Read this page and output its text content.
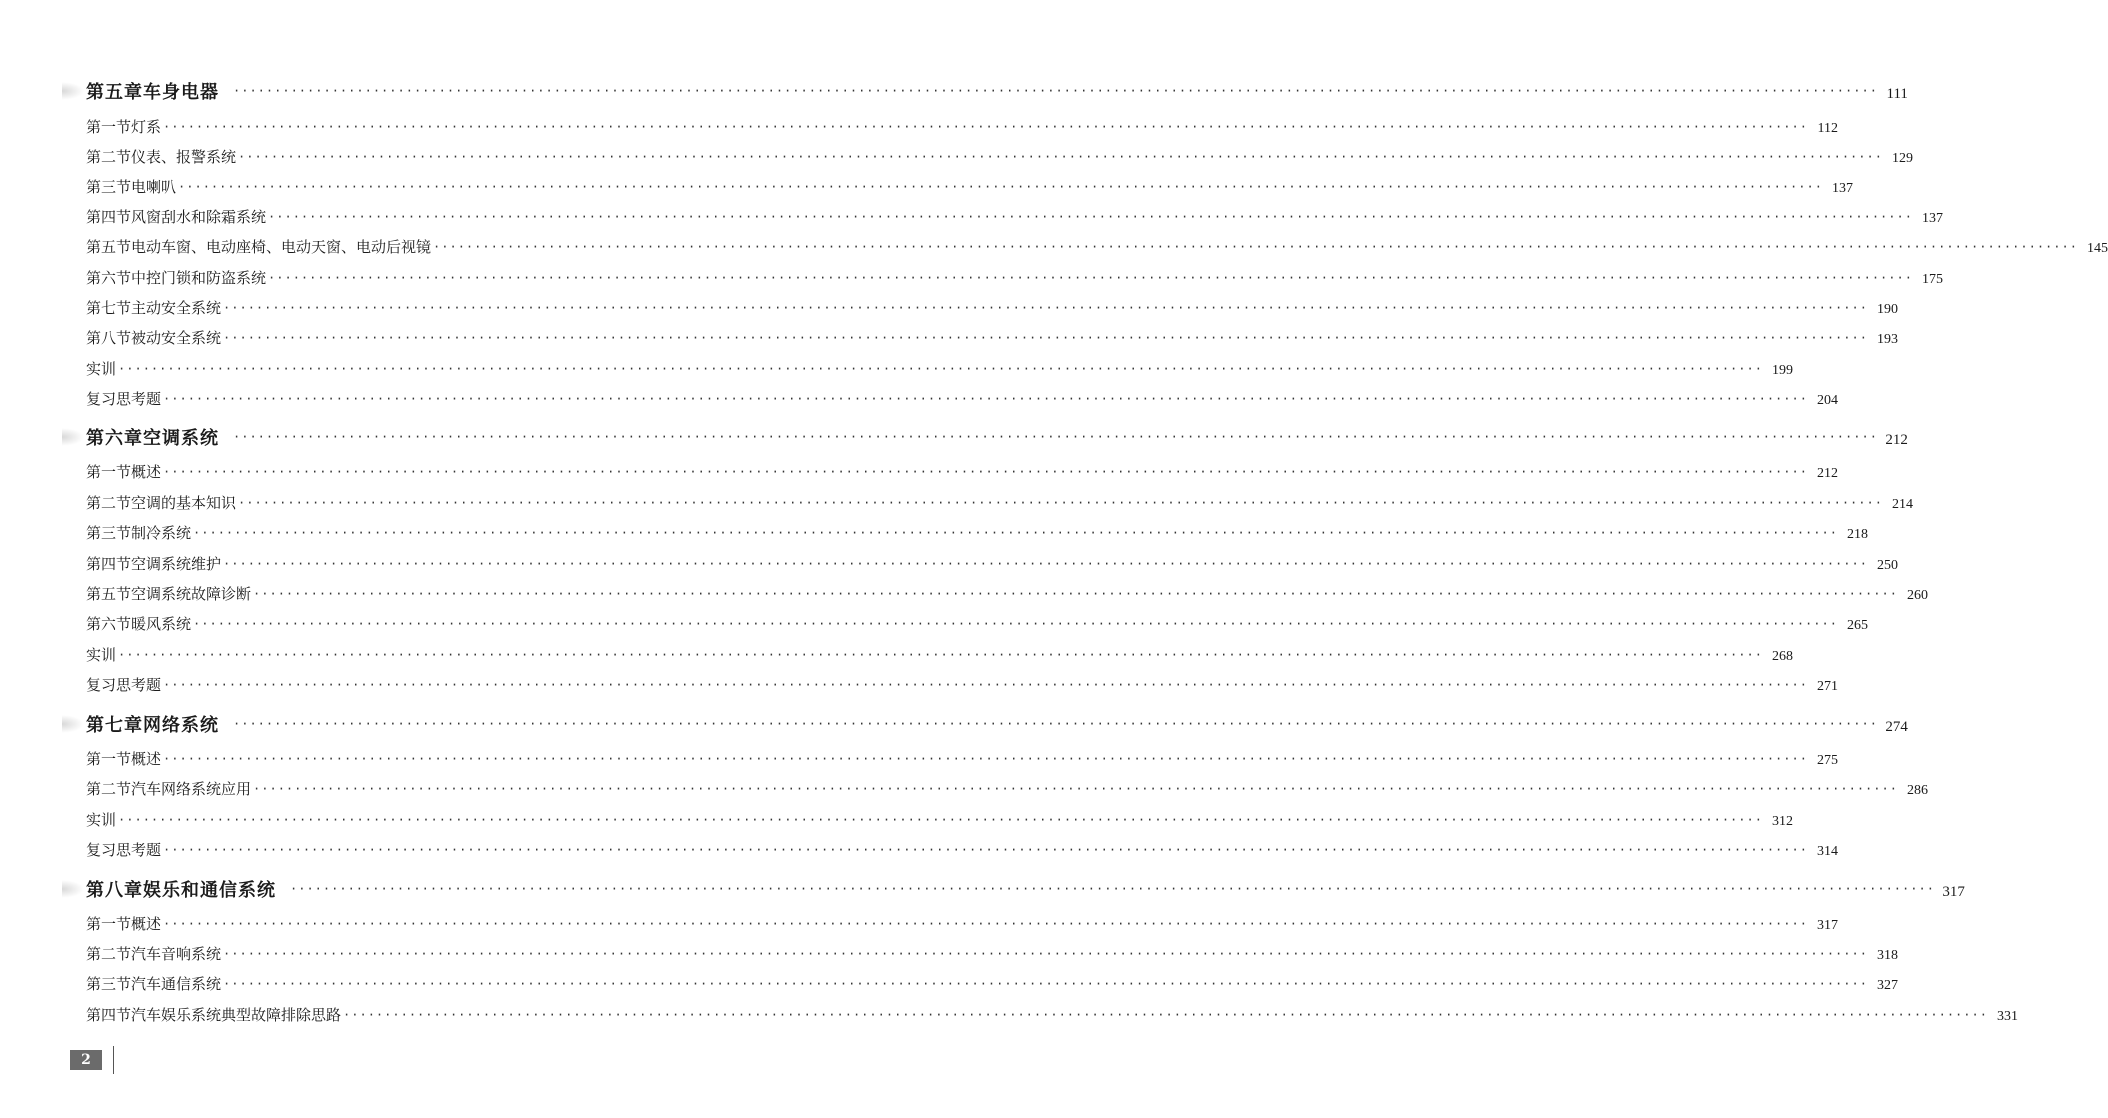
第五章 车身电器 ········································································································································································································ 111
第一节 灯系 ········································································································································································································ 112
第二节 仪表、报警系统 ········································································································································································································ 129
第三节 电喇叭 ········································································································································································································ 137
第四节 风窗刮水和除霜系统 ········································································································································································································ 137
第五节 电动车窗、电动座椅、电动天窗、电动后视镜 ········································································································································································································ 145
第六节 中控门锁和防盗系统 ········································································································································································································ 175
第七节 主动安全系统 ········································································································································································································ 190
第八节 被动安全系统 ········································································································································································································ 193
实训 ········································································································································································································ 199
复习思考题 ········································································································································································································ 204
第六章 空调系统 ········································································································································································································ 212
第一节 概述 ········································································································································································································ 212
第二节 空调的基本知识 ········································································································································································································ 214
第三节 制冷系统 ········································································································································································································ 218
第四节 空调系统维护 ········································································································································································································ 250
第五节 空调系统故障诊断 ········································································································································································································ 260
第六节 暖风系统 ········································································································································································································ 265
实训 ········································································································································································································ 268
复习思考题 ········································································································································································································ 271
第七章 网络系统 ········································································································································································································ 274
第一节 概述 ········································································································································································································ 275
第二节 汽车网络系统应用 ········································································································································································································ 286
实训 ········································································································································································································ 312
复习思考题 ········································································································································································································ 314
第八章 娱乐和通信系统 ········································································································································································································ 317
第一节 概述 ········································································································································································································ 317
第二节 汽车音响系统 ········································································································································································································ 318
第三节 汽车通信系统 ········································································································································································································ 327
第四节 汽车娱乐系统典型故障排除思路 ········································································································································································································ 331
2
